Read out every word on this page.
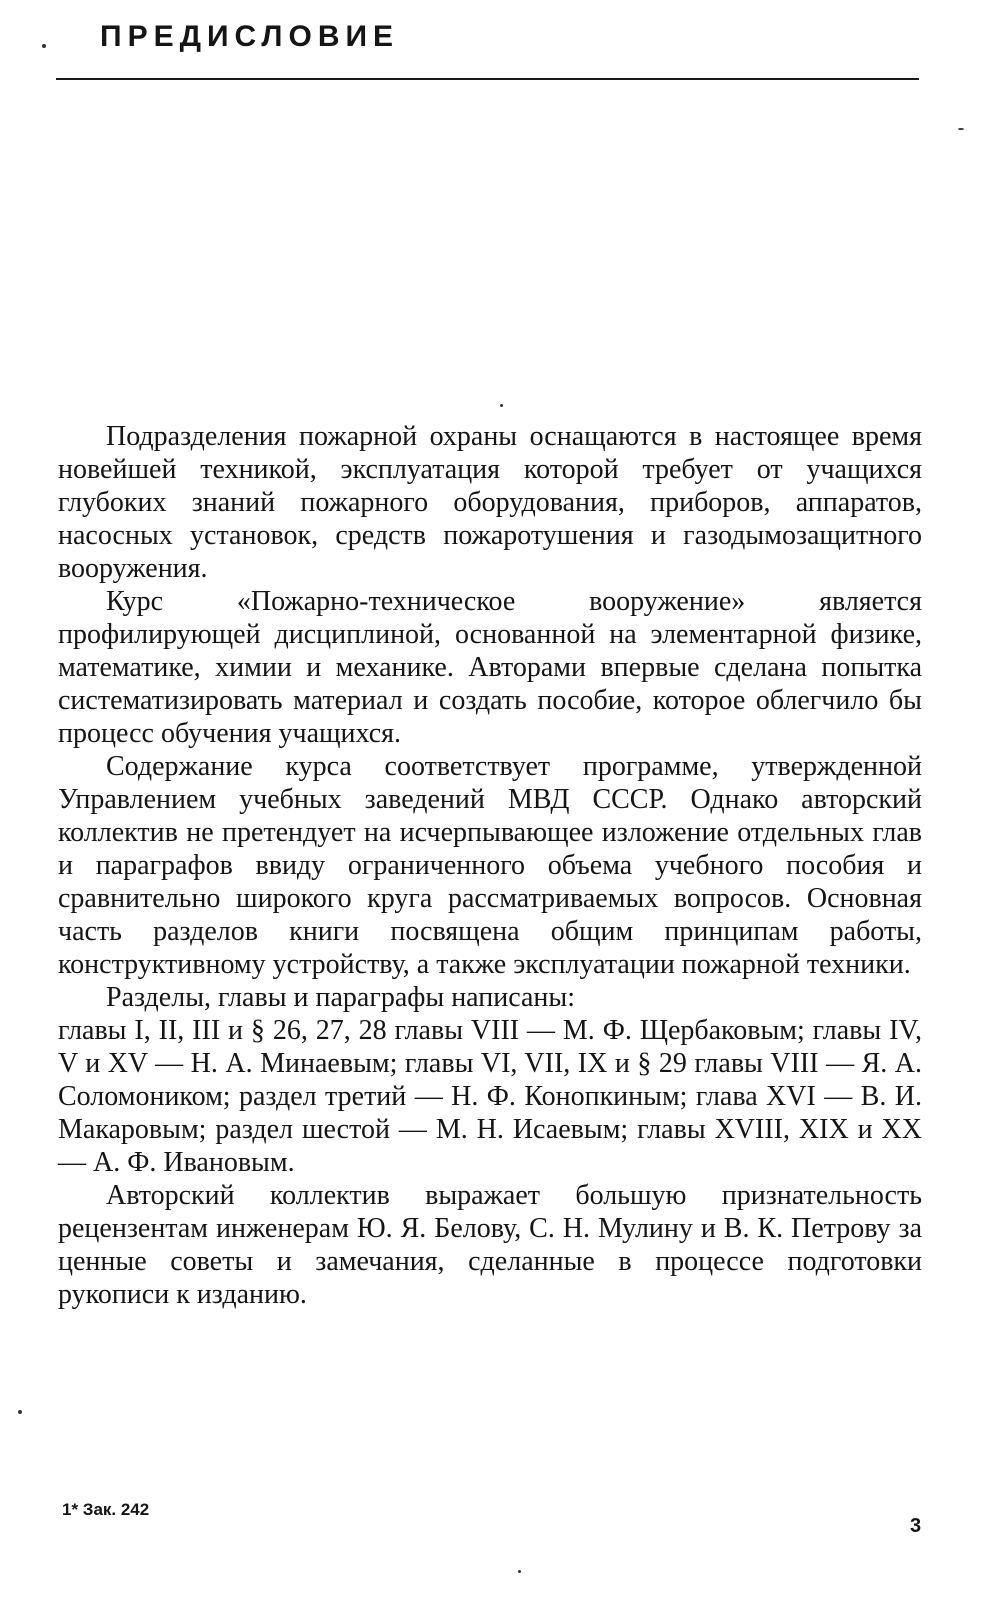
ПРЕДИСЛОВИЕ

Подразделения пожарной охраны оснащаются в настоящее время новейшей техникой, эксплуатация которой требует от учащихся глубоких знаний пожарного оборудования, приборов, аппаратов, насосных установок, средств пожаротушения и газодымозащитного вооружения.

Курс «Пожарно-техническое вооружение» является профилирующей дисциплиной, основанной на элементарной физике, математике, химии и механике. Авторами впервые сделана попытка систематизировать материал и создать пособие, которое облегчило бы процесс обучения учащихся.

Содержание курса соответствует программе, утвержденной Управлением учебных заведений МВД СССР. Однако авторский коллектив не претендует на исчерпывающее изложение отдельных глав и параграфов ввиду ограниченного объема учебного пособия и сравнительно широкого круга рассматриваемых вопросов. Основная часть разделов книги посвящена общим принципам работы, конструктивному устройству, а также эксплуатации пожарной техники.

Разделы, главы и параграфы написаны:

главы I, II, III и § 26, 27, 28 главы VIII — М. Ф. Щербаковым; главы IV, V и XV — Н. А. Минаевым; главы VI, VII, IX и § 29 главы VIII — Я. А. Соломоником; раздел третий — Н. Ф. Конопкиным; глава XVI — В. И. Макаровым; раздел шестой — М. Н. Исаевым; главы XVIII, XIX и XX — А. Ф. Ивановым.

Авторский коллектив выражает большую признательность рецензентам инженерам Ю. Я. Белову, С. Н. Мулину и В. К. Петрову за ценные советы и замечания, сделанные в процессе подготовки рукописи к изданию.

1* Зак. 242
3
